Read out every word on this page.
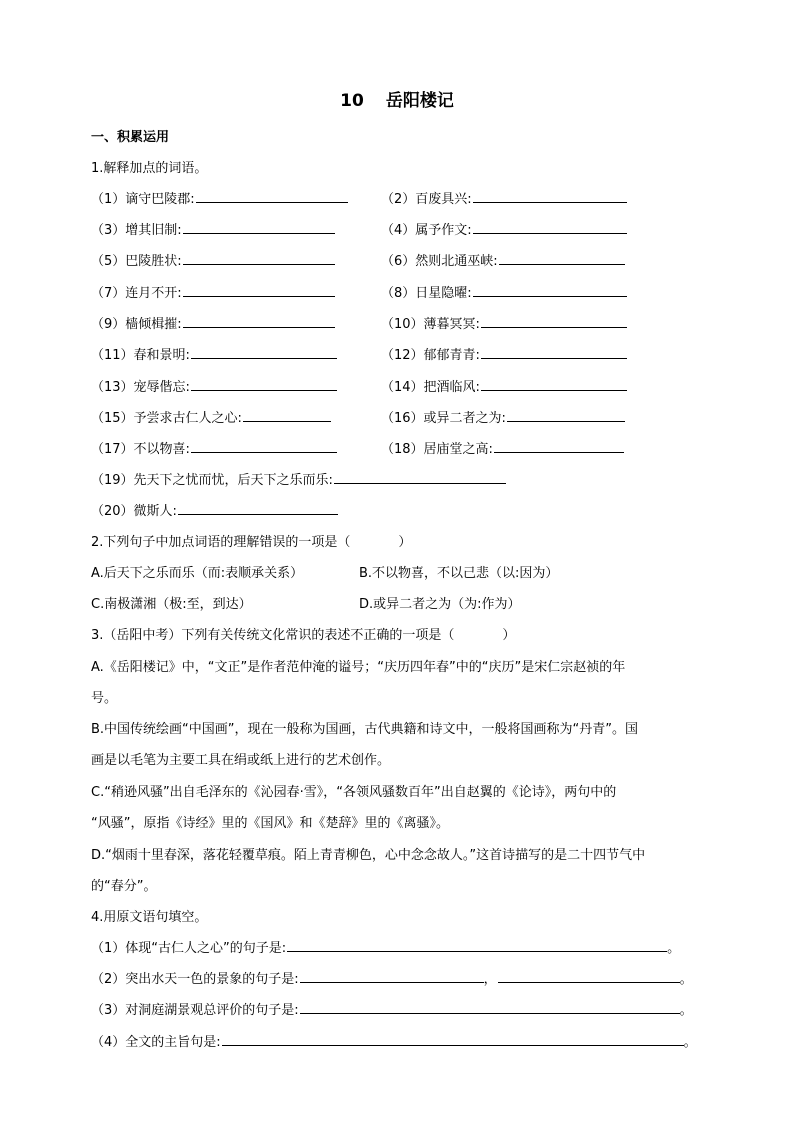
10 岳阳楼记
一、积累运用
1.解释加点的词语。
（1）谪守巴陵郡:	（2）百废具兴:
（3）增其旧制:	（4）属予作文:
（5）巴陵胜状:	（6）然则北通巫峡:
（7）连月不开:	（8）日星隐曜:
（9）樯倾楫摧:	（10）薄暮冥冥:
（11）春和景明:	（12）郁郁青青:
（13）宠辱偕忘:	（14）把酒临风:
（15）予尝求古仁人之心:	（16）或异二者之为:
（17）不以物喜:	（18）居庙堂之高:
（19）先天下之忧而忧，后天下之乐而乐:
（20）微斯人:
2.下列句子中加点词语的理解错误的一项是（	）
A.后天下之乐而乐（而:表顺承关系）	B.不以物喜，不以己悲（以:因为）
C.南极潇湘（极:至，到达）	D.或异二者之为（为:作为）
3.（岳阳中考）下列有关传统文化常识的表述不正确的一项是（	）
A.《岳阳楼记》中，“文正”是作者范仲淹的谥号；“庆历四年春”中的“庆历”是宋仁宗赵祯的年
号。
B.中国传统绘画“中国画”，现在一般称为国画，古代典籍和诗文中，一般将国画称为“丹青”。国
画是以毛笔为主要工具在绢或纸上进行的艺术创作。
C.“稍逊风骚”出自毛泽东的《沁园春·雪》，“各领风骚数百年”出自赵翼的《论诗》，两句中的
“风骚”，原指《诗经》里的《国风》和《楚辞》里的《离骚》。
D.“烟雨十里春深，落花轻覆草痕。陌上青青柳色，心中念念故人。”这首诗描写的是二十四节气中
的“春分”。
4.用原文语句填空。
（1）体现“古仁人之心”的句子是:	。
（2）突出水天一色的景象的句子是:	，	。
（3）对洞庭湖景观总评价的句子是:	。
（4）全文的主旨句是:	。
